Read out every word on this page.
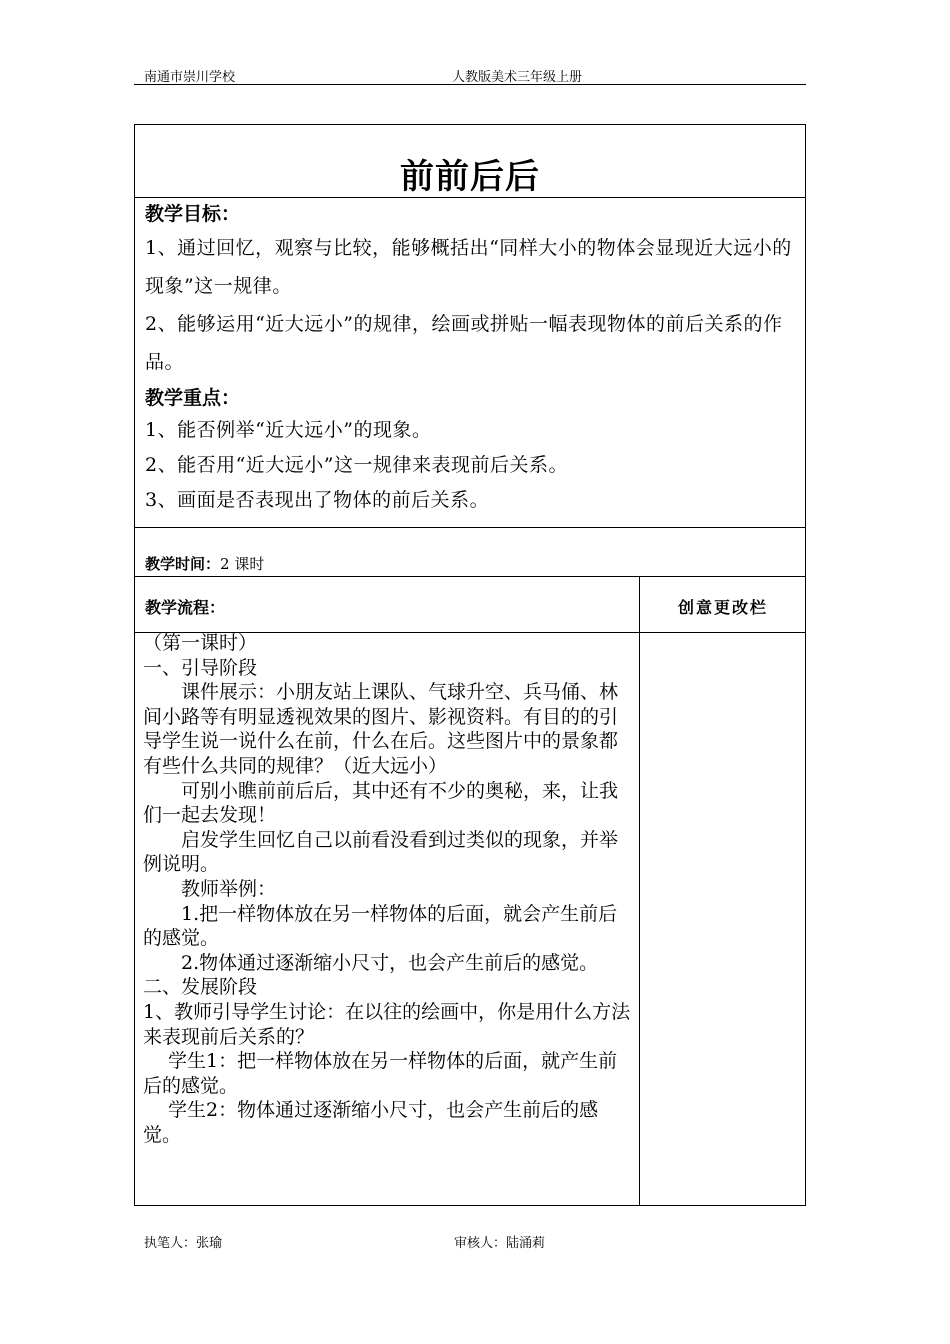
南通市崇川学校	人教版美术三年级上册
前前后后
教学目标：
1、通过回忆，观察与比较，能够概括出“同样大小的物体会显现近大远小的现象”这一规律。
2、能够运用“近大远小”的规律，绘画或拼贴一幅表现物体的前后关系的作品。
教学重点：
1、能否例举“近大远小”的现象。
2、能否用“近大远小”这一规律来表现前后关系。
3、画面是否表现出了物体的前后关系。
教学时间：2 课时
教学流程：	创意更改栏
（第一课时）
一、引导阶段
　　课件展示：小朋友站上课队、气球升空、兵马俑、林间小路等有明显透视效果的图片、影视资料。有目的的引导学生说一说什么在前，什么在后。这些图片中的景象都有些什么共同的规律？（近大远小）
　　可别小瞧前前后后，其中还有不少的奥秘，来，让我们一起去发现！
　　启发学生回忆自己以前看没看到过类似的现象，并举例说明。
　　教师举例：
　　1.把一样物体放在另一样物体的后面，就会产生前后的感觉。
　　2.物体通过逐渐缩小尺寸，也会产生前后的感觉。
二、发展阶段
1、教师引导学生讨论：在以往的绘画中，你是用什么方法来表现前后关系的？
　 学生1：把一样物体放在另一样物体的后面，就产生前后的感觉。
　 学生2：物体通过逐渐缩小尺寸，也会产生前后的感觉。
执笔人：张瑜	审核人：陆涌莉
